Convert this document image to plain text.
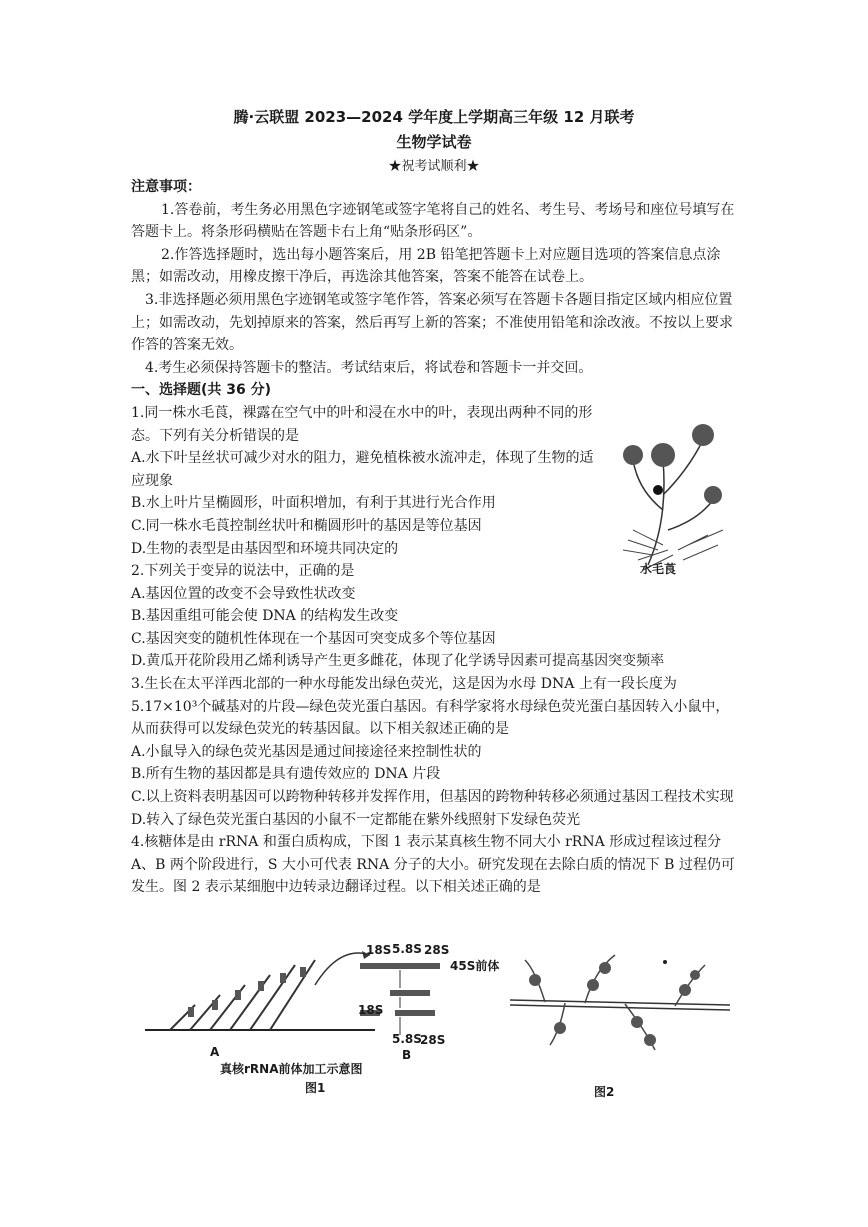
腾·云联盟 2023—2024 学年度上学期高三年级 12 月联考
生物学试卷
★祝考试顺利★

注意事项：

1.答卷前，考生务必用黑色字迹钢笔或签字笔将自己的姓名、考生号、考场号和座位号填写在答题卡上。将条形码横贴在答题卡右上角“贴条形码区”。

2.作答选择题时，选出每小题答案后，用 2B 铅笔把答题卡上对应题目选项的答案信息点涂黑；如需改动，用橡皮擦干净后，再选涂其他答案，答案不能答在试卷上。

3.非选择题必须用黑色字迹钢笔或签字笔作答，答案必须写在答题卡各题目指定区域内相应位置上；如需改动，先划掉原来的答案，然后再写上新的答案；不准使用铅笔和涂改液。不按以上要求作答的答案无效。

4.考生必须保持答题卡的整洁。考试结束后，将试卷和答题卡一并交回。

一、选择题(共 36 分)

1.同一株水毛莨，裸露在空气中的叶和浸在水中的叶，表现出两种不同的形态。下列有关分析错误的是

A.水下叶呈丝状可减少对水的阻力，避免植株被水流冲走，体现了生物的适应现象

B.水上叶片呈椭圆形，叶面积增加，有利于其进行光合作用

C.同一株水毛莨控制丝状叶和椭圆形叶的基因是等位基因

D.生物的表型是由基因型和环境共同决定的

2.下列关于变异的说法中，正确的是

A.基因位置的改变不会导致性状改变

B.基因重组可能会使 DNA 的结构发生改变

C.基因突变的随机性体现在一个基因可突变成多个等位基因

D.黄瓜开花阶段用乙烯利诱导产生更多雌花，体现了化学诱导因素可提高基因突变频率

3.生长在太平洋西北部的一种水母能发出绿色荧光，这是因为水母 DNA 上有一段长度为 5.17×10³个碱基对的片段—绿色荧光蛋白基因。有科学家将水母绿色荧光蛋白基因转入小鼠中，从而获得可以发绿色荧光的转基因鼠。以下相关叙述正确的是

A.小鼠导入的绿色荧光基因是通过间接途径来控制性状的

B.所有生物的基因都是具有遗传效应的 DNA 片段

C.以上资料表明基因可以跨物种转移并发挥作用，但基因的跨物种转移必须通过基因工程技术实现

D.转入了绿色荧光蛋白基因的小鼠不一定都能在紫外线照射下发绿色荧光

4.核糖体是由 rRNA 和蛋白质构成，下图 1 表示某真核生物不同大小 rRNA 形成过程该过程分 A、B 两个阶段进行，S 大小可代表 RNA 分子的大小。研究发现在去除白质的情况下 B 过程仍可发生。图 2 表示某细胞中边转录边翻译过程。以下相关述正确的是

水毛莨
18S 5.8S 28S
45S前体
18S
5.8S
28S
A	B
真核rRNA前体加工示意图
图1	图2
